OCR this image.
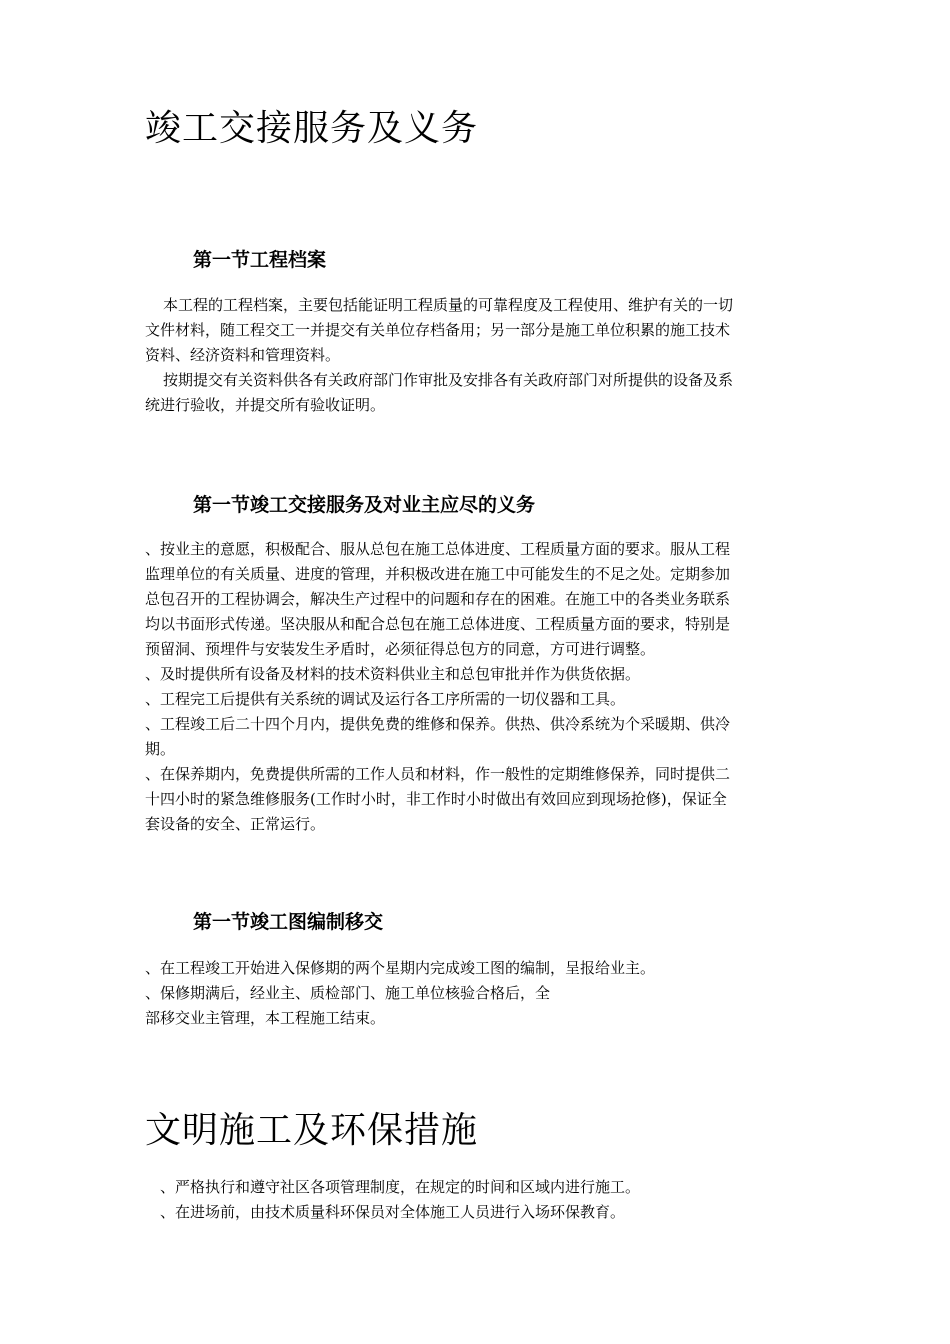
竣工交接服务及义务
第一节工程档案
本工程的工程档案，主要包括能证明工程质量的可靠程度及工程使用、维护有关的一切
文件材料，随工程交工一并提交有关单位存档备用；另一部分是施工单位积累的施工技术
资料、经济资料和管理资料。
按期提交有关资料供各有关政府部门作审批及安排各有关政府部门对所提供的设备及系
统进行验收，并提交所有验收证明。
第一节竣工交接服务及对业主应尽的义务
、按业主的意愿，积极配合、服从总包在施工总体进度、工程质量方面的要求。服从工程
监理单位的有关质量、进度的管理，并积极改进在施工中可能发生的不足之处。定期参加
总包召开的工程协调会，解决生产过程中的问题和存在的困难。在施工中的各类业务联系
均以书面形式传递。坚决服从和配合总包在施工总体进度、工程质量方面的要求，特别是
预留洞、预埋件与安装发生矛盾时，必须征得总包方的同意，方可进行调整。
、及时提供所有设备及材料的技术资料供业主和总包审批并作为供货依据。
、工程完工后提供有关系统的调试及运行各工序所需的一切仪器和工具。
、工程竣工后二十四个月内，提供免费的维修和保养。供热、供冷系统为个采暖期、供冷
期。
、在保养期内，免费提供所需的工作人员和材料，作一般性的定期维修保养，同时提供二
十四小时的紧急维修服务(工作时小时，非工作时小时做出有效回应到现场抢修)，保证全
套设备的安全、正常运行。
第一节竣工图编制移交
、在工程竣工开始进入保修期的两个星期内完成竣工图的编制，呈报给业主。
、保修期满后，经业主、质检部门、施工单位核验合格后，全
部移交业主管理，本工程施工结束。
文明施工及环保措施
、严格执行和遵守社区各项管理制度，在规定的时间和区域内进行施工。
、在进场前，由技术质量科环保员对全体施工人员进行入场环保教育。
